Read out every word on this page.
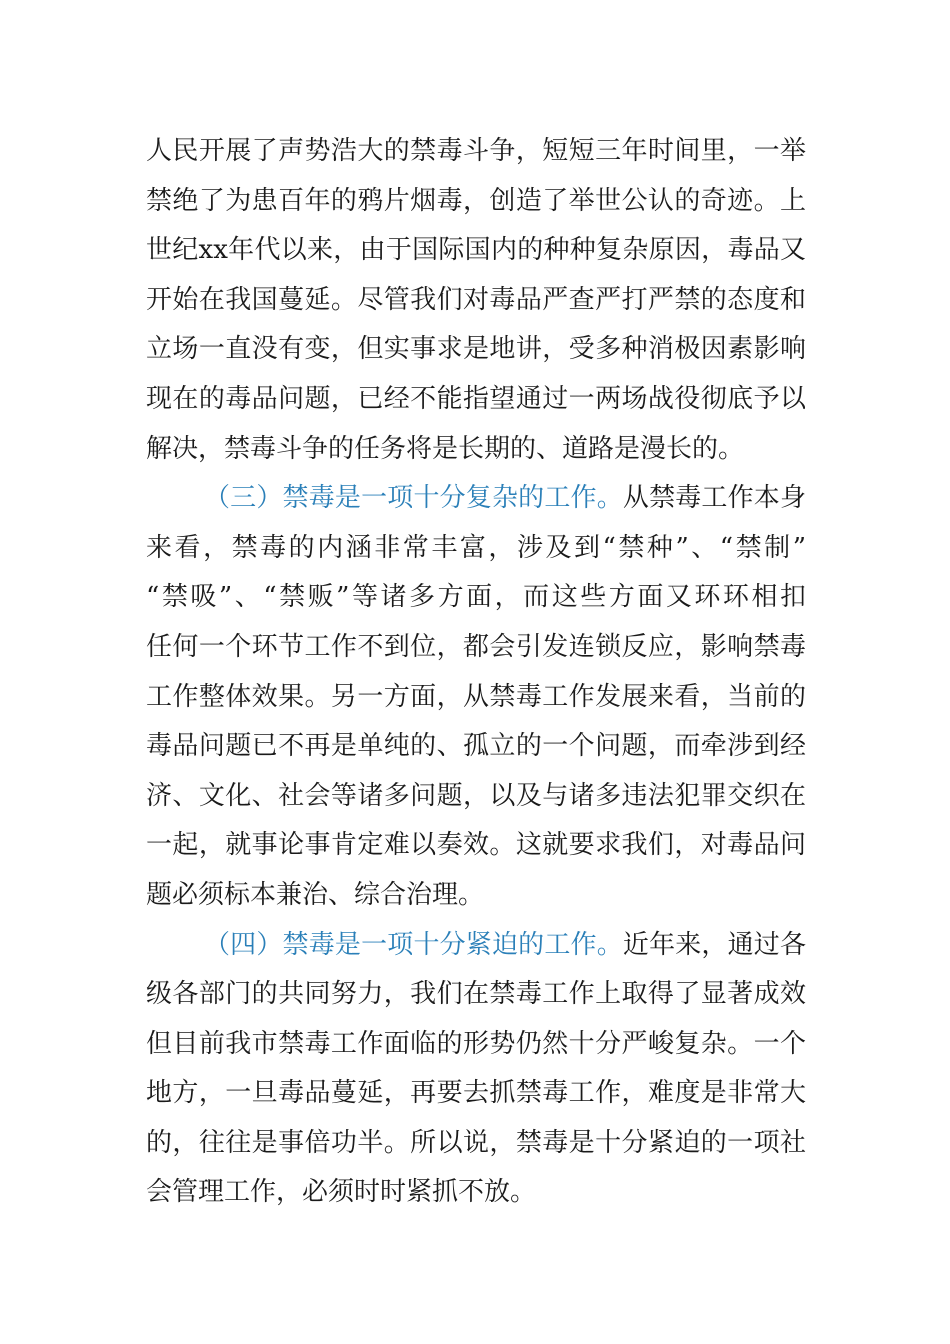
人民开展了声势浩大的禁毒斗争，短短三年时间里，一举
禁绝了为患百年的鸦片烟毒，创造了举世公认的奇迹。上
世纪xx年代以来，由于国际国内的种种复杂原因，毒品又
开始在我国蔓延。尽管我们对毒品严查严打严禁的态度和
立场一直没有变，但实事求是地讲，受多种消极因素影响
现在的毒品问题，已经不能指望通过一两场战役彻底予以
解决，禁毒斗争的任务将是长期的、道路是漫长的。
（三）禁毒是一项十分复杂的工作。从禁毒工作本身
来看，禁毒的内涵非常丰富，涉及到“禁种”、“禁制”
“禁吸”、“禁贩”等诸多方面，而这些方面又环环相扣
任何一个环节工作不到位，都会引发连锁反应，影响禁毒
工作整体效果。另一方面，从禁毒工作发展来看，当前的
毒品问题已不再是单纯的、孤立的一个问题，而牵涉到经
济、文化、社会等诸多问题，以及与诸多违法犯罪交织在
一起，就事论事肯定难以奏效。这就要求我们，对毒品问
题必须标本兼治、综合治理。
（四）禁毒是一项十分紧迫的工作。近年来，通过各
级各部门的共同努力，我们在禁毒工作上取得了显著成效
但目前我市禁毒工作面临的形势仍然十分严峻复杂。一个
地方，一旦毒品蔓延，再要去抓禁毒工作，难度是非常大
的，往往是事倍功半。所以说，禁毒是十分紧迫的一项社
会管理工作，必须时时紧抓不放。
